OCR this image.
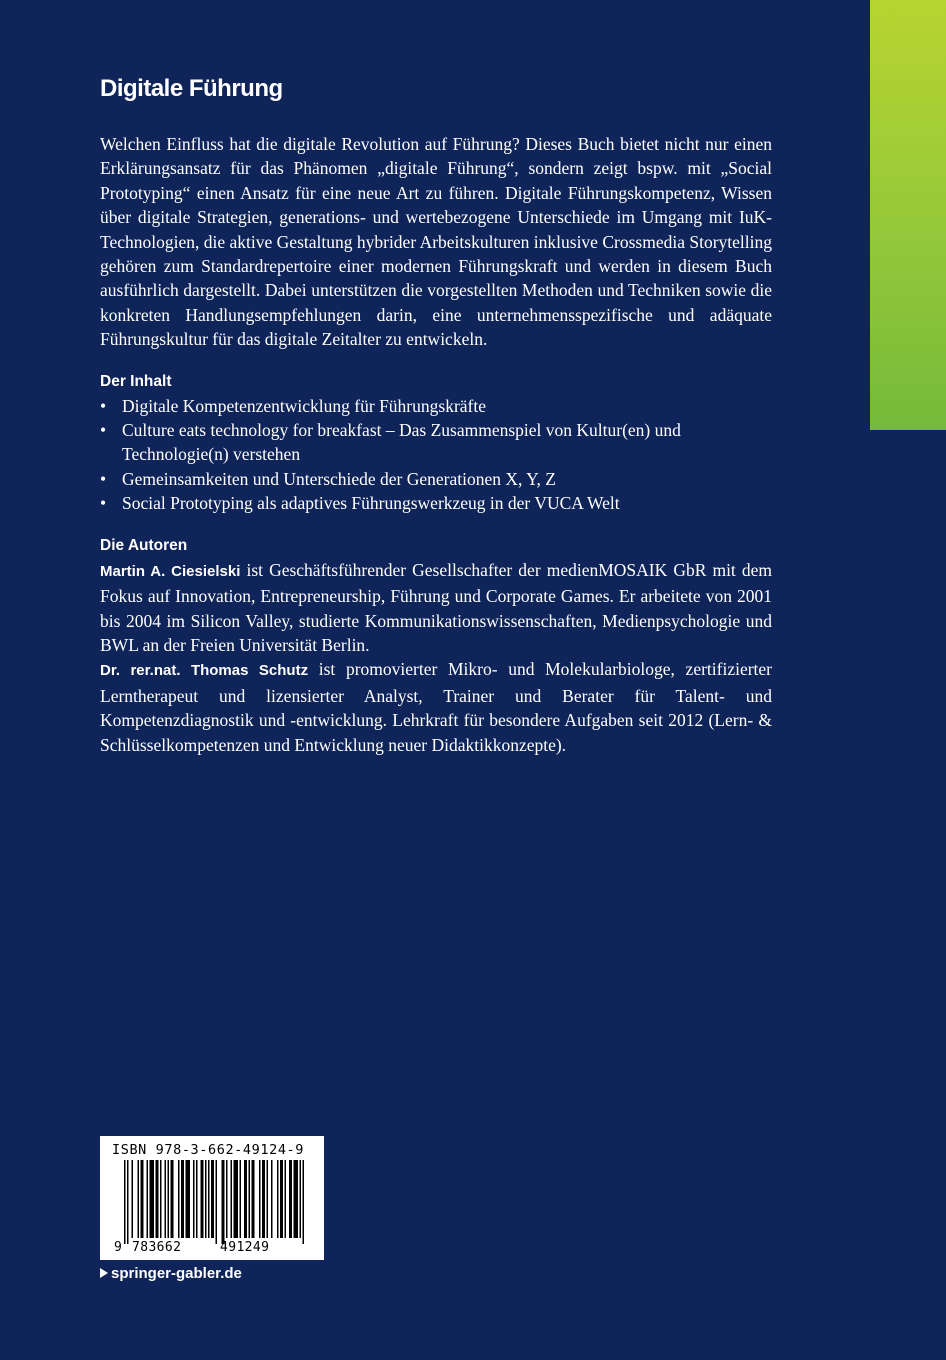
Digitale Führung

Welchen Einfluss hat die digitale Revolution auf Führung? Dieses Buch bietet nicht nur einen Erklärungsansatz für das Phänomen „digitale Führung“, sondern zeigt bspw. mit „Social Prototyping“ einen Ansatz für eine neue Art zu führen. Digitale Führungskompetenz, Wissen über digitale Strategien, generations- und wertebezogene Unterschiede im Umgang mit IuK-Technologien, die aktive Gestaltung hybrider Arbeitskulturen inklusive Crossmedia Storytelling gehören zum Standardrepertoire einer modernen Führungskraft und werden in diesem Buch ausführlich dargestellt. Dabei unterstützen die vorgestellten Methoden und Techniken sowie die konkreten Handlungsempfehlungen darin, eine unternehmensspezifische und adäquate Führungskultur für das digitale Zeitalter zu entwickeln.

Der Inhalt
• Digitale Kompetenzentwicklung für Führungskräfte
• Culture eats technology for breakfast – Das Zusammenspiel von Kultur(en) und Technologie(n) verstehen
• Gemeinsamkeiten und Unterschiede der Generationen X, Y, Z
• Social Prototyping als adaptives Führungswerkzeug in der VUCA Welt
Die Autoren

Martin A. Ciesielski ist Geschäftsführender Gesellschafter der medienMOSAIK GbR mit dem Fokus auf Innovation, Entrepreneurship, Führung und Corporate Games. Er arbeitete von 2001 bis 2004 im Silicon Valley, studierte Kommunikationswissenschaften, Medienpsychologie und BWL an der Freien Universität Berlin.

Dr. rer.nat. Thomas Schutz ist promovierter Mikro- und Molekularbiologe, zertifizierter Lerntherapeut und lizensierter Analyst, Trainer und Berater für Talent- und Kompetenzdiagnostik und -entwicklung. Lehrkraft für besondere Aufgaben seit 2012 (Lern- & Schlüsselkompetenzen und Entwicklung neuer Didaktikkonzepte).

ISBN 978-3-662-49124-9
9 783662	491249
springer-gabler.de
